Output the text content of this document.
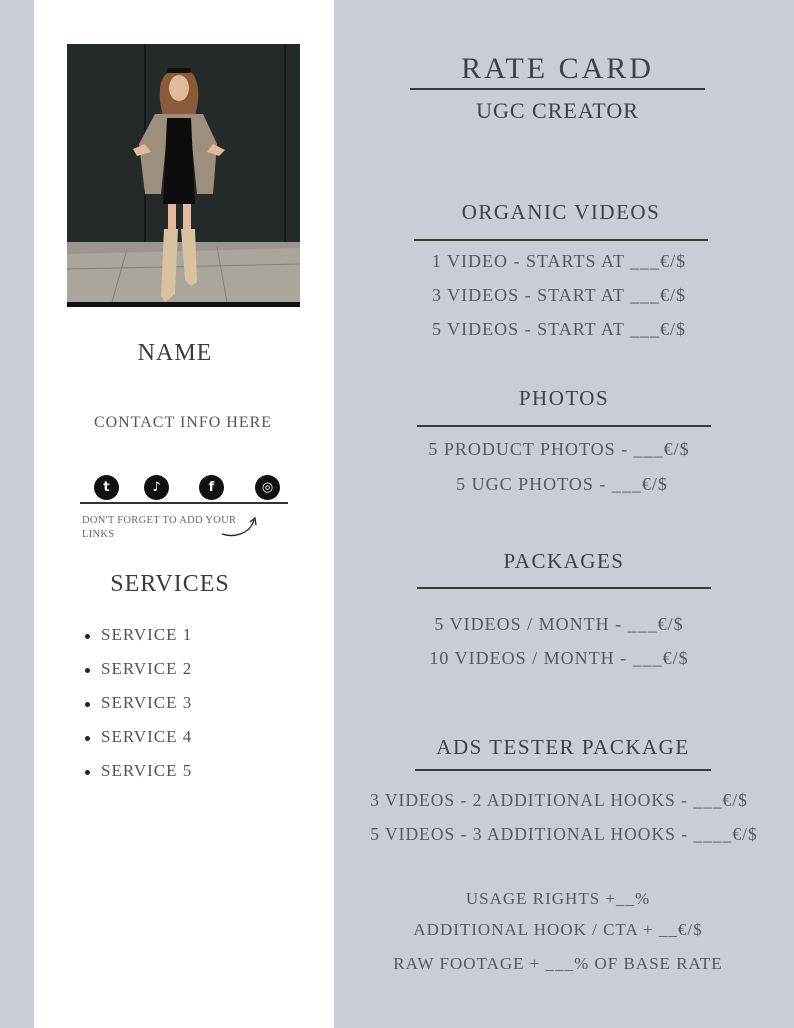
NAME
CONTACT INFO HERE
t	♪	f	◎
DON'T FORGET TO ADD YOUR LINKS
SERVICES
SERVICE 1
SERVICE 2
SERVICE 3
SERVICE 4
SERVICE 5
RATE CARD
UGC CREATOR
ORGANIC VIDEOS
1 VIDEO - STARTS AT ___€/$
3 VIDEOS - START AT ___€/$
5 VIDEOS - START AT ___€/$
PHOTOS
5 PRODUCT PHOTOS - ___€/$
5 UGC PHOTOS - ___€/$
PACKAGES
5 VIDEOS / MONTH - ___€/$
10 VIDEOS / MONTH - ___€/$
ADS TESTER PACKAGE
3 VIDEOS - 2 ADDITIONAL HOOKS - ___€/$
5 VIDEOS - 3 ADDITIONAL HOOKS - ____€/$
USAGE RIGHTS +__%
ADDITIONAL HOOK / CTA + __€/$
RAW FOOTAGE + ___% OF BASE RATE
